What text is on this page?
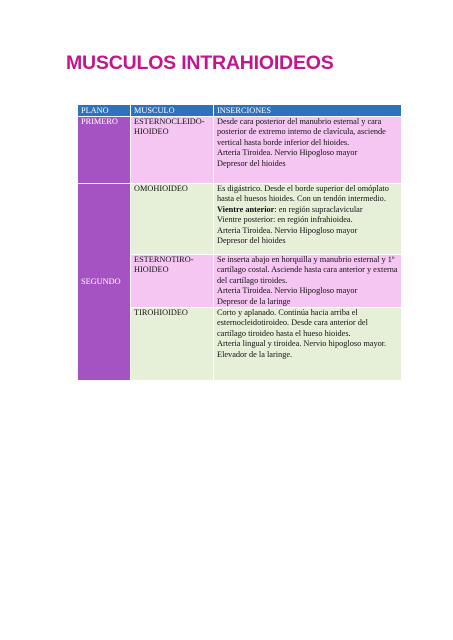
MUSCULOS INTRAHIOIDEOS
PLANO	MUSCULO	INSERCIONES
PRIMERO	ESTERNOCLEIDO-HIOIDEO	Desde cara posterior del manubrio esternal y cara posterior de extremo interno de clavícula, asciende vertical hasta borde inferior del hioides.
Arteria Tiroidea. Nervio Hipogloso mayor
Depresor del hioides

SEGUNDO	OMOHIOIDEO	Es digástrico. Desde el borde superior del omóplato hasta el huesos hioides. Con un tendón intermedio.
Vientre anterior: en región supraclavicular
Vientre posterior: en región infrahioidea.
Arteria Tiroidea. Nervio Hipogloso mayor
Depresor del hioides

	ESTERNOTIRO-HIOIDEO	Se inserta abajo en horquilla y manubrio esternal y 1º cartílago costal. Asciende hasta cara anterior y externa del cartílago tiroides.
Arteria Tiroidea. Nervio Hipogloso mayor
Depresor de la laringe

	TIROHIOIDEO	Corto y aplanado. Continúa hacia arriba el esternocleidotiroideo. Desde cara anterior del cartílago tiroideo hasta el hueso hioides.
Arteria lingual y tiroidea. Nervio hipogloso mayor.
Elevador de la laringe.
